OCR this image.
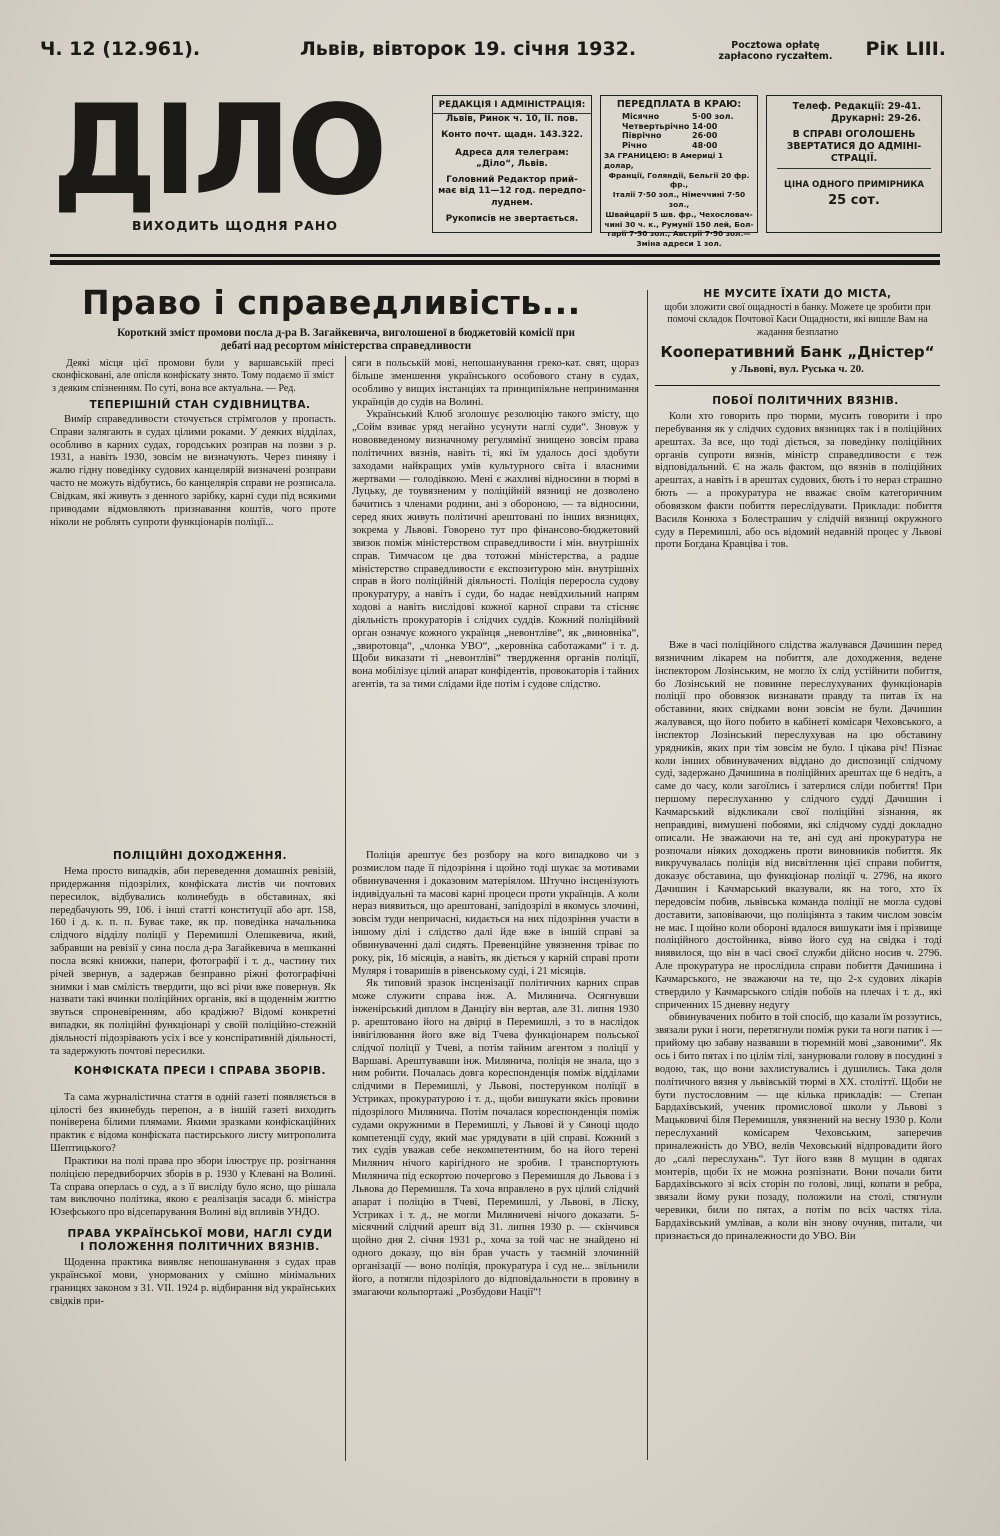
Ч. 12 (12.961).	Львів, вівторок 19. січня 1932.	Pocztowa opłatę
zapłacono ryczałtem.	Рік LIII.
ДІЛО
ВИХОДИТЬ ЩОДНЯ РАНО
РЕДАКЦІЯ І АДМІНІСТРАЦІЯ:
Львів, Ринок ч. 10, II. пов.
Конто почт. щадн. 143.322.
Адреса для телеграм:
„Діло“, Львів.
Головний Редактор прий-
має від 11—12 год. передпо-
луднем.
Рукописів не звертається.
ПЕРЕДПЛАТА В КРАЮ:
Місячно	5·00 зол.
Четвертьрічно 14·00
Піврічно	26·00
Річно	48·00
ЗА ГРАНИЦЕЮ: В Америці 1 долар,
Франції, Голяндії, Бельгії 20 фр. фр.,
Італії 7·50 зол., Німеччині 7·50 зол.,
Швайцарії 5 шв. фр., Чехословач-
чині 30 ч. к., Румунії 150 лей, Бол-
гарії 7·50 зол., Австрії 7·50 зол.—
Зміна адреси 1 зол.
Телеф. Редакції: 29-41.
Друкарні: 29-26.
В СПРАВІ ОГОЛОШЕНЬ
ЗВЕРТАТИСЯ ДО АДМІНІ-
СТРАЦІЇ.
ЦІНА ОДНОГО ПРИМІРНИКА
25 сот.
Право і справедливість...
Короткий зміст промови посла д-ра В. Загайкевича, виголошеної в бюджетовій комісії при
дебаті над ресортом міністерства справедливости

Деякі місця цієї промови були у варшавській пресі сконфісковані, але опісля конфіскату знято. Тому подаємо її зміст з деяким спізненням. По суті, вона все актуальна. — Ред.

ТЕПЕРІШНІЙ СТАН СУДІВНИЦТВА.

Вимір справедливости сточується стрімголов у пропасть. Справи залягають в судах цілими роками. У деяких відділах, особливо в карних судах, городських розправ на позви з р. 1931, а навіть 1930, зовсім не визначують. Через пиняву і жалю гідну поведінку судових канцелярій визначені розправи часто не можуть відбутись, бо канцелярія справи не розписала. Свідкам, які живуть з денного зарібку, карні суди під всякими приводами відмовляють признавання коштів, чого проте ніколи не роблять супроти функціонарів поліції...

ПОЛІЦІЙНІ ДОХОДЖЕННЯ.

Нема просто випадків, аби переведення домашніх ревізій, придержання підозрілих, конфіската листів чи почтових пересилок, відбувались колинебудь в обставинах, які передбачують 99, 106. і інші статті конституції або арт. 158, 160 і д. к. п. п. Буває таке, як пр. поведінка начальника слідчого відділу поліції у Перемишлі Олешкевича, який, забравши на ревізії у сина посла д-ра Загайкевича в мешканні посла всякі книжки, папери, фотографії і т. д., частину тих річей звернув, а задержав безправно ріжні фотографічні знимки і мав смілість твердити, що всі річи вже повернув. Як назвати такі вчинки поліційних органів, які в щоденнім життю звуться спроневіренням, або крадіжю? Відомі конкретні випадки, як поліційні функціонарі у своїй поліційно-стежній діяльності підозрівають усіх і все у конспіративній діяльності, та задержують почтові пересилки.

КОНФІСКАТА ПРЕСИ І СПРАВА ЗБОРІВ.

Та сама журналістична стаття в одній газеті появляється в цілості без якинебудь перепон, а в іншій газеті виходить поніверена білими плямами. Якими зразками конфіскаційних практик є відома конфіската пастирського листу митрополита Шептицького?

Практики на полі права про збори ілюструє пр. розігнання поліцією передвиборчих зборів в р. 1930 у Клевані на Волині. Та справа оперлась о суд, а з її висліду було ясно, що рішала там виключно політика, якою є реалізація засади б. міністра Юзефського про відсепарування Волині від впливів УНДО.

ПРАВА УКРАЇНСЬКОЇ МОВИ, НАГЛІ СУДИ
І ПОЛОЖЕННЯ ПОЛІТИЧНИХ ВЯЗНІВ.

Щоденна практика виявляє непошанування з судах прав української мови, унормованих у смішно мінімальних границях законом з 31. VII. 1924 р. відбирання від українських свідків при-

сяги в польській мові, непошанування греко-кат. свят, щораз більше зменшення українського особового стану в судах, особливо у вищих інстанціях та принципіяльне непринимання українців до судів на Волині.

Український Клюб зголошує резолюцію такого змісту, що „Сойм взиває уряд негайно усунути наглі суди“. Зновуж у нововведеному визначному регулямінї знищено зовсім права політичних вязнів, навіть ті, які їм удалось досі здобути заходами найкращих умів культурного світа і власними жертвами — голодівкою. Мені є жахливі відносини в тюрмі в Луцьку, де тоувязненим у поліційній вязниці не дозволено бачитись з членами родини, ані з обороною, — та відносини, серед яких живуть політичні арештовані по інших вязницях, зокрема у Львові. Говорено тут про фінансово-бюджетовий звязок поміж міністерством справедливости і мін. внутрішніх справ. Тимчасом це два тотожні міністерства, а радше міністерство справедливости є експозитурою мін. внутрішніх справ в його поліційній діяльності. Поліція переросла судову прокуратуру, а навіть і суди, бо надає невідхильний напрям ходові а навіть вислідові кожної карної справи та стісняє діяльність прокураторів і слідчих суддів. Кожний поліційний орган означує кожного українця „невонтліве“, як „виновніка“, „звиротовца“, „члонка УВО“, „керовніка саботажами“ і т. д. Щоби виказати ті „невонтліві“ твердження органів поліції, вона мобілізує цілий апарат конфідентів, провокаторів і тайних агентів, та за тими слідами йде потім і судове слідство.

Поліція арештує без розбору на кого випадково чи з розмислом паде її підозріння і щойно тоді шукає за мотивами обвинувачення і доказовим матеріялом. Штучно інсценізують індивідуальні та масові карні процеси проти українців. А коли нераз виявиться, що арештовані, запідозрілі в якомусь злочині, зовсім туди непричасні, кидається на них підозріння участи в іншому ділі і слідство далі йде вже в іншій справі за обвинуваченні далі сидять. Превенційне увязнення тріває по року, рік, 16 місяців, а навіть, як діється у карній справі проти Муляря і товаришів в рівенському суді, і 21 місяців.

Як типовий зразок інсценізації політичних карних справ може служити справа інж. А. Милянича. Осягнувши інженірський диплом в Данціґу він вертав, але 31. липня 1930 р. арештовано його на двірці в Перемишлі, з то в наслідок інвігілювання його вже від Тчева функціонарем польської слідчої поліції у Тчеві, а потім тайним агентом з поліції у Варшаві. Арештувавши інж. Милянича, поліція не знала, що з ним робити. Почалась довга кореспонденція поміж відділами слідчими в Перемишлі, у Львові, постерунком поліції в Устриках, прокуратурою і т. д., щоби вишукати якісь провини підозрілого Милянича. Потім почалася кореспонденція поміж судами окружними в Перемишлі, у Львові й у Сяноці щодо компетенції суду, який має урядувати в цій справі. Кожний з тих судів уважав себе некомпетентним, бо на його терені Милянич нічого карігідного не зробив. І транспортують Милянича під ескортою почергово з Перемишля до Львова і з Львова до Перемишля. Та хоча вправлено в рух цілий слідчий апарат і поліцію в Тчеві, Перемишлі, у Львові, в Ліску, Устриках і т. д., не могли Миляничеві нічого доказати. 5-місячний слідчий арешт від 31. липня 1930 р. — скінчився щойно дня 2. січня 1931 р., хоча за той час не знайдено ні одного доказу, що він брав участь у таємній злочинній організації — воно поліція, прокуратура і суд не... звільнили його, а потягли підозрілого до відповідальности в провину в змагаючи кольпортажі „Розбудови Нації“!

НЕ МУСИТЕ ЇХАТИ ДО МІСТА,
щоби зложити свої ощадності в банку. Можете це зробити при помочі складок Почтової Каси Ощадности, які вишле Вам на жадання безплатно
Кооперативний Банк „Дністер“
у Львові, вул. Руська ч. 20.
ПОБОЇ ПОЛІТИЧНИХ ВЯЗНІВ.

Коли хто говорить про тюрми, мусить говорити і про перебування як у слідчих судових вязницях так і в поліційних арештах. За все, що тоді діється, за поведінку поліційних органів супроти вязнів, міністр справедливости є теж відповідальний. Є на жаль фактом, що вязнів в поліційних арештах, а навіть і в арештах судових, бють і то нераз страшно бють — а прокуратура не вважає своїм категоричним обовязком факти побиття переслідувати. Приклади: побиття Василя Конюха з Болестрашич у слідчій вязниці окружного суду в Перемишлі, або ось відомий недавній процес у Львові проти Богдана Кравціва і тов.

Вже в часі поліційного слідства жалувався Дачишин перед вязничним лікарем на побиття, але доходження, ведене інспектором Лозінським, не могло їх слід устійнити побиття, бо Лозінський не повинне переслухуваних функціонарів поліції про обовязок визнавати правду та питав їх на обставини, яких свідками вони зовсім не були. Дачишин жалувався, що його побито в кабінеті комісаря Чеховського, а інспектор Лозінський переслухував на цю обставину урядників, яких при тім зовсім не було. І цікава річ! Пізнає коли інших обвинувачених віддано до диспозиції слідчому суді, задержано Дачишина в поліційних арештах ще 6 недіть, а саме до часу, коли загоїлись і затерлися сліди побиття! При першому переслуханню у слідчого судді Дачишин і Качмарський відкликали свої поліційні зізнання, як неправдиві, вимушені побоями, які слідчому судді докладно описали. Не зважаючи на те, ані суд ані прокуратура не розпочали ніяких доходжень проти виновників побиття. Як викручувалась поліція від висвітлення цієї справи побиття, доказує обставина, що функціонар поліції ч. 2796, на якого Дачишин і Качмарський вказували, як на того, хто їх передовсім побив, львівська команда поліції не могла судові доставити, заповіваючи, що поліціянта з таким числом зовсім не має. І щойно коли обороні вдалося вишукати імя і прізвище поліційного достойника, віяво його суд на свідка і тоді виявилося, що він в часі своєї служби дійсно носив ч. 2796. Але прокуратура не прослідила справи побиття Дачишина і Качмарського, не зважаючи на те, що 2-х судових лікарів ствердило у Качмарського слідів побоїв на плечах і т. д., які сприченних 15 дневну недугу

обвинувачених побито в той спосіб, що казали їм роззутись, звязали руки і ноги, перетягнули поміж руки та ноги патик і — прийому цю забаву назвавши в тюремній мові „завоними“. Як ось і бито пятах і по цілім тілі, занурювали голову в посудині з водою, так, що вони захлистувались і душились. Така доля політичного вязня у львівській тюрмі в XX. століттї. Щоби не бути пустословним — ще кілька прикладів: — Степан Бардахівський, ученик промислової школи у Львові з Мацьковичі біля Перемишля, увязнений на весну 1930 р. Коли переслуханий комісарем Чеховським, заперечив приналежність до УВО, велів Чеховський відпровадити його до „салі переслухань“. Тут його взяв 8 мущин в одягах монтерів, щоби їх не можна розпізнати. Вони почали бити Бардахівського зі всіх сторін по голові, лиці, копати в ребра, звязали йому руки позаду, положили на столі, стягнули черевики, били по пятах, а потім по всіх частях тіла. Бардахівський умлівав, а коли він знову очуняв, питали, чи признається до приналежности до УВО. Він
